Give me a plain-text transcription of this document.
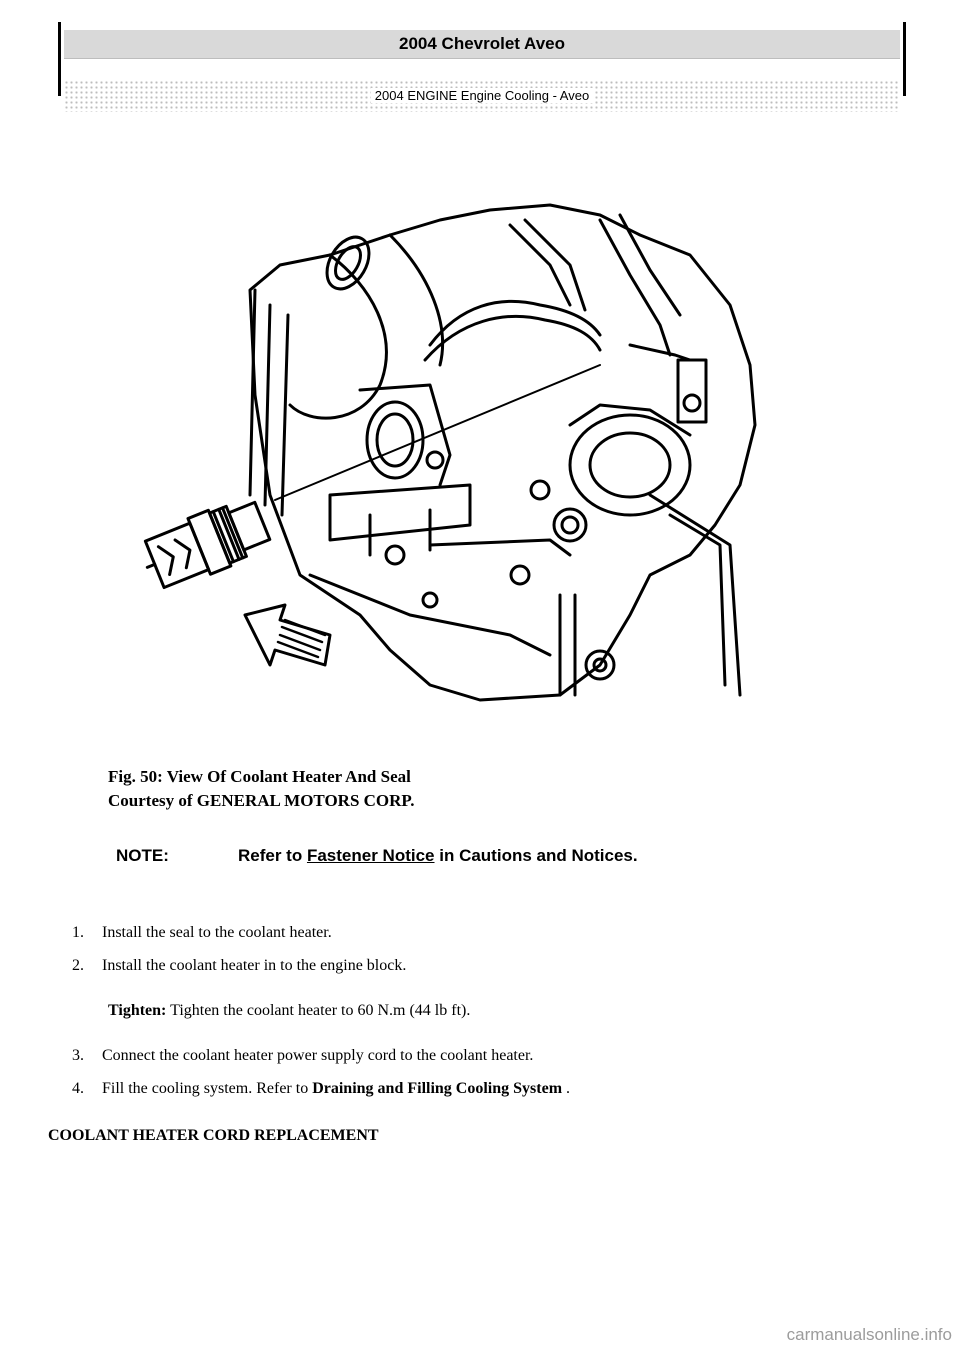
2004 Chevrolet Aveo
2004 ENGINE Engine Cooling - Aveo
Fig. 50: View Of Coolant Heater And Seal
Courtesy of GENERAL MOTORS CORP.
NOTE:	Refer to Fastener Notice in Cautions and Notices.
1. Install the seal to the coolant heater.
2. Install the coolant heater in to the engine block.
Tighten: Tighten the coolant heater to 60 N.m (44 lb ft).
3. Connect the coolant heater power supply cord to the coolant heater.
4. Fill the cooling system. Refer to Draining and Filling Cooling System .
COOLANT HEATER CORD REPLACEMENT
carmanualsonline.info
